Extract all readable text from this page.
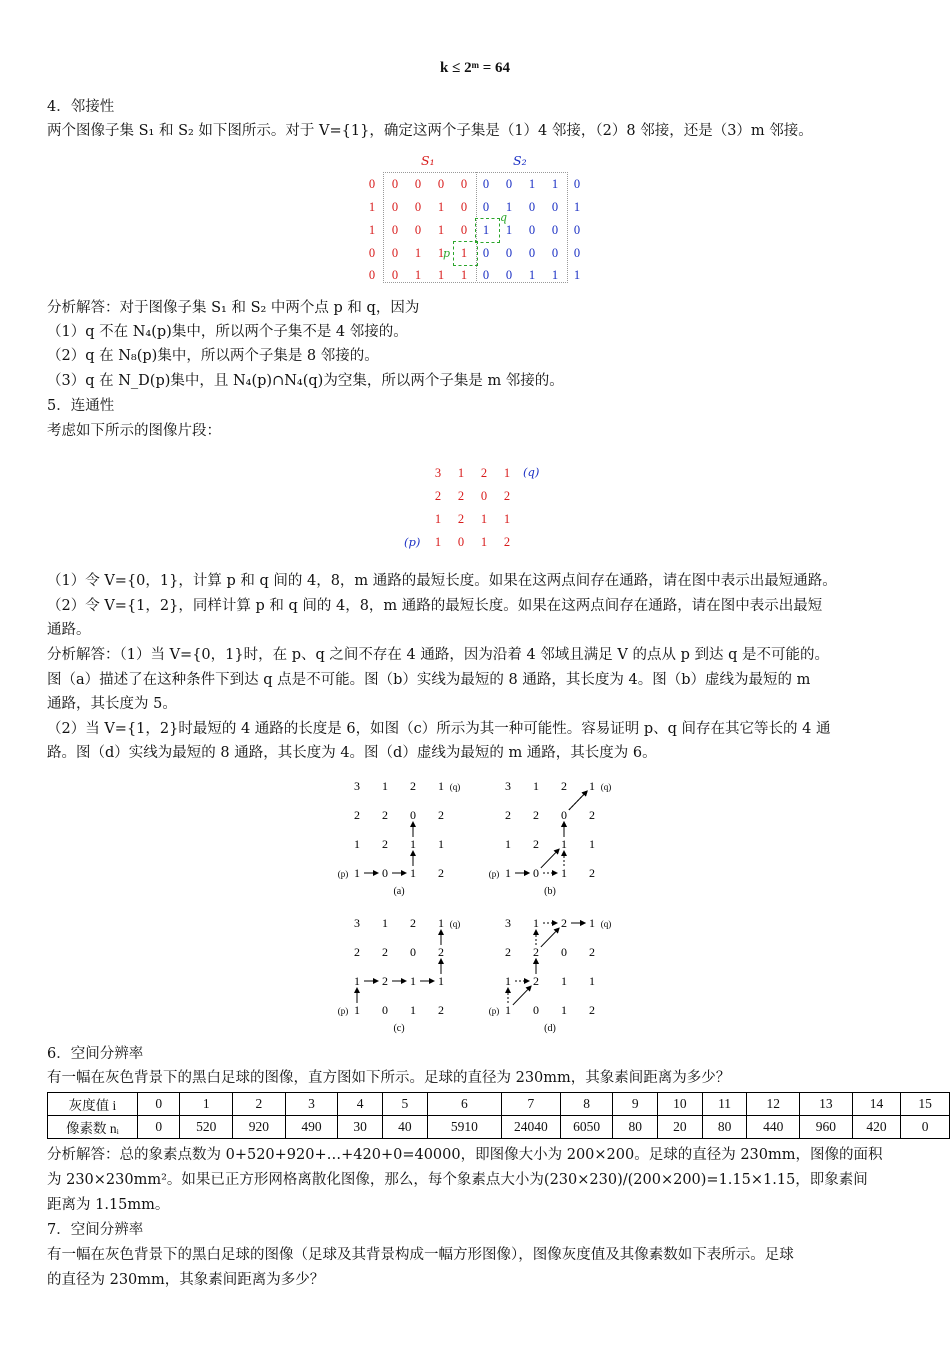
k ≤ 2ᵐ = 64
4．邻接性
两个图像子集 S₁ 和 S₂ 如下图所示。对于 V={1}，确定这两个子集是（1）4 邻接，（2）8 邻接，还是（3）m 邻接。
S₁	S₂
q
p
0	0	0	0	0	0	0	1	1	0
1	0	0	1	0	0	1	0	0	1
1	0	0	1	0	1	1	0	0	0
0	0	1	1	1	0	0	0	0	0
0	0	1	1	1	0	0	1	1	1
分析解答：对于图像子集 S₁ 和 S₂ 中两个点 p 和 q，因为
（1）q 不在 N₄(p)集中，所以两个子集不是 4 邻接的。
（2）q 在 N₈(p)集中，所以两个子集是 8 邻接的。
（3）q 在 N_D(p)集中，且 N₄(p)∩N₄(q)为空集，所以两个子集是 m 邻接的。
5．连通性
考虑如下所示的图像片段：
3	1	2	1
2	2	0	2
1	2	1	1
1	0	1	2
(p)
(q)
（1）令 V={0，1}，计算 p 和 q 间的 4，8，m 通路的最短长度。如果在这两点间存在通路，请在图中表示出最短通路。
（2）令 V={1，2}，同样计算 p 和 q 间的 4，8，m 通路的最短长度。如果在这两点间存在通路，请在图中表示出最短
通路。
分析解答：（1）当 V={0，1}时，在 p、q 之间不存在 4 通路，因为沿着 4 邻域且满足 V 的点从 p 到达 q 是不可能的。
图（a）描述了在这种条件下到达 q 点是不可能。图（b）实线为最短的 8 通路，其长度为 4。图（b）虚线为最短的 m
通路，其长度为 5。
（2）当 V={1，2}时最短的 4 通路的长度是 6，如图（c）所示为其一种可能性。容易证明 p、q 间存在其它等长的 4 通
路。图（d）实线为最短的 8 通路，其长度为 4。图（d）虚线为最短的 m 通路，其长度为 6。
3 1 2 1
2 2 0 2
1 2 1 1
1 0 1 2
(p)
(q)
(a)
3 1 2 1
2 2 0 2
1 2 1 1
1 0 1 2
(p)
(q)
(b)
3 1 2 1
2 2 0 2
1 2 1 1
1 0 1 2
(p)
(q)
(c)
3 1 2 1
2 2 0 2
1 2 1 1
1 0 1 2
(p)
(q)
(d)
6．空间分辨率
有一幅在灰色背景下的黑白足球的图像，直方图如下所示。足球的直径为 230mm，其象素间距离为多少？
灰度值 i	0	1	2	3	4	5	6	7	8	9	10	11	12	13	14	15
像素数 nᵢ	0	520	920	490	30	40	5910	24040	6050	80	20	80	440	960	420	0
分析解答：总的象素点数为 0+520+920+…+420+0=40000，即图像大小为 200×200。足球的直径为 230mm，图像的面积
为 230×230mm²。如果已正方形网格离散化图像，那么，每个象素点大小为(230×230)/(200×200)=1.15×1.15，即象素间
距离为 1.15mm。
7．空间分辨率
有一幅在灰色背景下的黑白足球的图像（足球及其背景构成一幅方形图像），图像灰度值及其像素数如下表所示。足球
的直径为 230mm，其象素间距离为多少？
